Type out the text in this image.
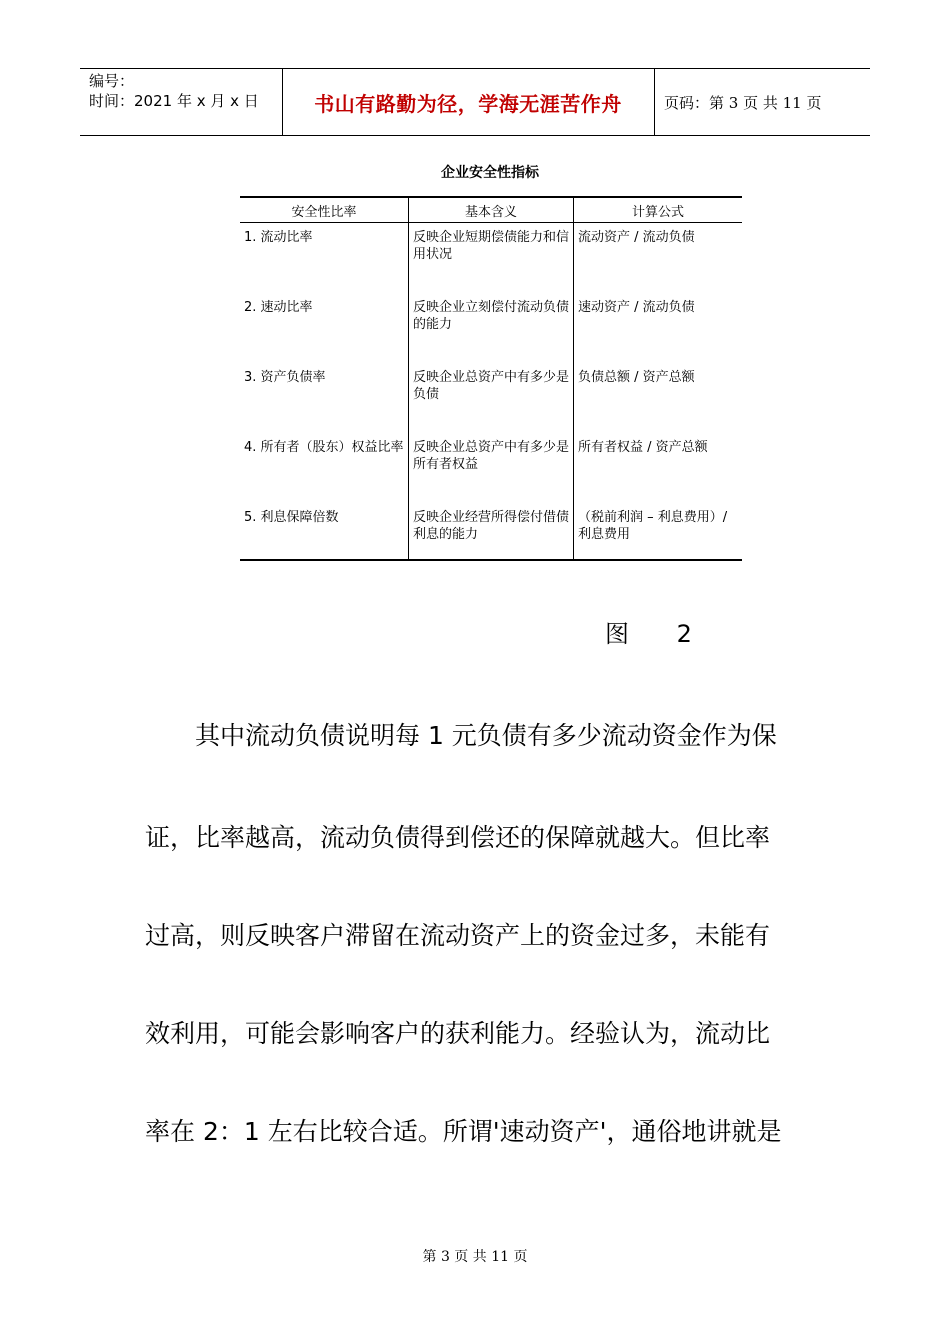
编号：
时间：2021 年 x 月 x 日	书山有路勤为径，学海无涯苦作舟	页码：第 3 页 共 11 页
企业安全性指标
安全性比率	基本含义	计算公式
1. 流动比率	反映企业短期偿债能力和信用状况	流动资产 / 流动负债
2. 速动比率	反映企业立刻偿付流动负债的能力	速动资产 / 流动负债
3. 资产负债率	反映企业总资产中有多少是负债	负债总额 / 资产总额
4. 所有者（股东）权益比率	反映企业总资产中有多少是所有者权益	所有者权益 / 资产总额
5. 利息保障倍数	反映企业经营所得偿付借债利息的能力	（税前利润 – 利息费用）/ 利息费用
图 2
其中流动负债说明每 1 元负债有多少流动资金作为保
证，比率越高，流动负债得到偿还的保障就越大。但比率
过高，则反映客户滞留在流动资产上的资金过多，未能有
效利用，可能会影响客户的获利能力。经验认为，流动比
率在 2：1 左右比较合适。所谓'速动资产'，通俗地讲就是
第 3 页 共 11 页
